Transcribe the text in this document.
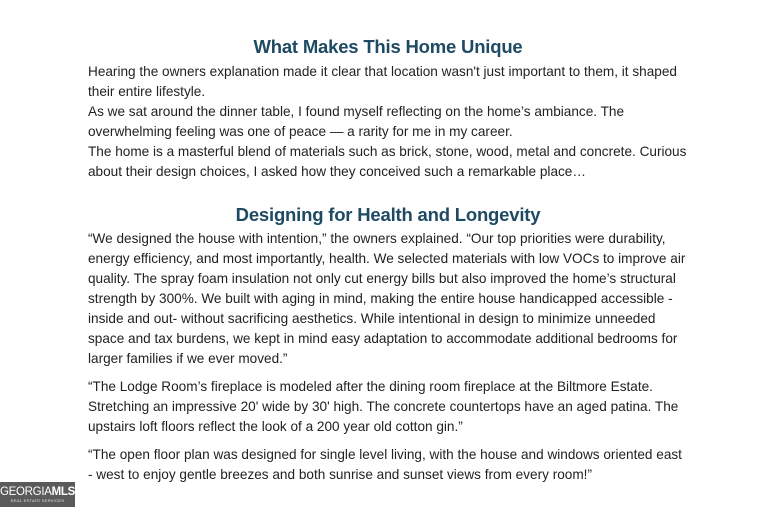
What Makes This Home Unique

Hearing the owners explanation made it clear that location wasn't just important to them, it shaped their entire lifestyle.

As we sat around the dinner table, I found myself reflecting on the home’s ambiance. The overwhelming feeling was one of peace — a rarity for me in my career.

The home is a masterful blend of materials such as brick, stone, wood, metal and concrete. Curious about their design choices, I asked how they conceived such a remarkable place…

Designing for Health and Longevity

“We designed the house with intention,” the owners explained. “Our top priorities were durability, energy efficiency, and most importantly, health. We selected materials with low VOCs to improve air quality. The spray foam insulation not only cut energy bills but also improved the home’s structural strength by 300%. We built with aging in mind, making the entire house handicapped accessible -inside and out- without sacrificing aesthetics. While intentional in design to minimize unneeded space and tax burdens, we kept in mind easy adaptation to accommodate additional bedrooms for larger families if we ever moved.”

“The Lodge Room’s fireplace is modeled after the dining room fireplace at the Biltmore Estate. Stretching an impressive 20' wide by 30' high. The concrete countertops have an aged patina. The upstairs loft floors reflect the look of a 200 year old cotton gin.”

“The open floor plan was designed for single level living, with the house and windows oriented east - west to enjoy gentle breezes and both sunrise and sunset views from every room!”

GEORGIAMLS
REAL ESTATE SERVICES
